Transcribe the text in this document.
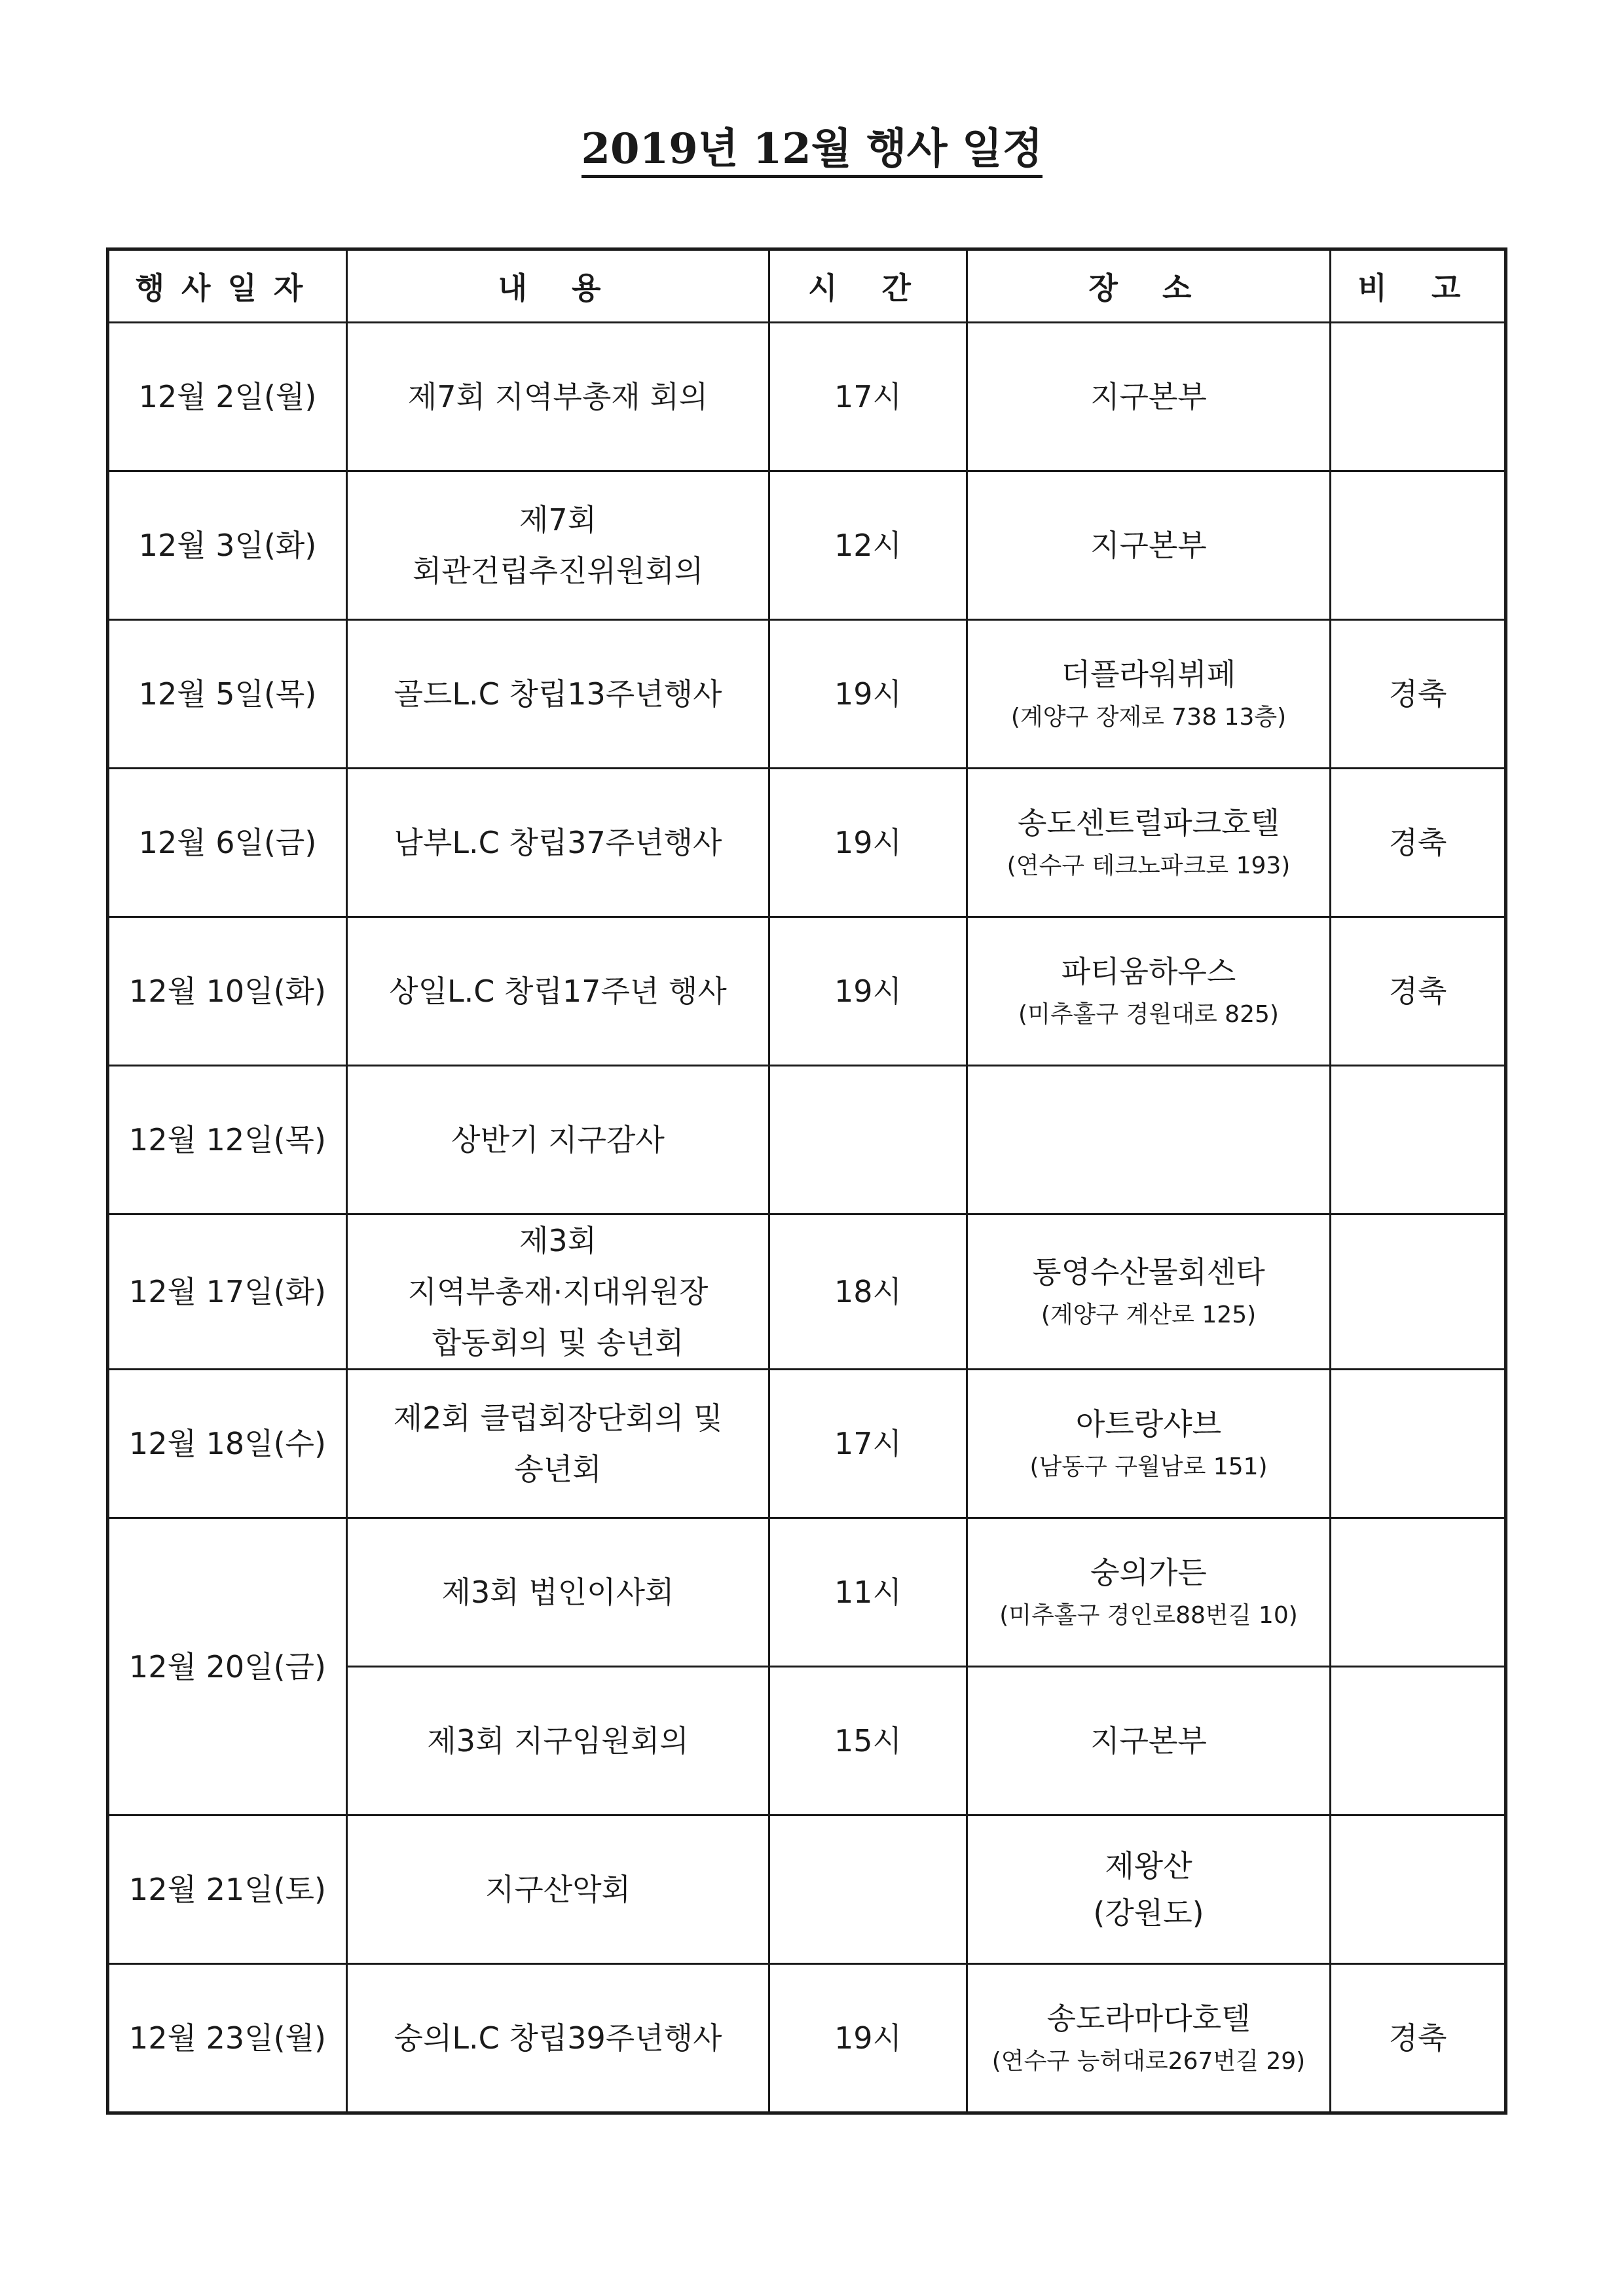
2019년 12월 행사 일정
행사일자	내 용	시 간	장 소	비 고
12월 2일(월)	제7회 지역부총재 회의	17시	지구본부	

12월 3일(화)	제7회
회관건립추진위원회의	12시	지구본부	

12월 5일(목)	골드L.C 창립13주년행사	19시	더플라워뷔페
(계양구 장제로 738 13층)	경축
12월 6일(금)	남부L.C 창립37주년행사	19시	송도센트럴파크호텔
(연수구 테크노파크로 193)	경축
12월 10일(화)	상일L.C 창립17주년 행사	19시	파티움하우스
(미추홀구 경원대로 825)	경축
12월 12일(목)	상반기 지구감사			

12월 17일(화)	제3회
지역부총재·지대위원장
합동회의 및 송년회	18시	통영수산물회센타
(계양구 계산로 125)	

12월 18일(수)	제2회 클럽회장단회의 및
송년회	17시	아트랑샤브
(남동구 구월남로 151)	

12월 20일(금)	제3회 법인이사회	11시	숭의가든
(미추홀구 경인로88번길 10)	

	제3회 지구임원회의	15시	지구본부	

12월 21일(토)	지구산악회		제왕산
(강원도)	

12월 23일(월)	숭의L.C 창립39주년행사	19시	송도라마다호텔
(연수구 능허대로267번길 29)	경축
